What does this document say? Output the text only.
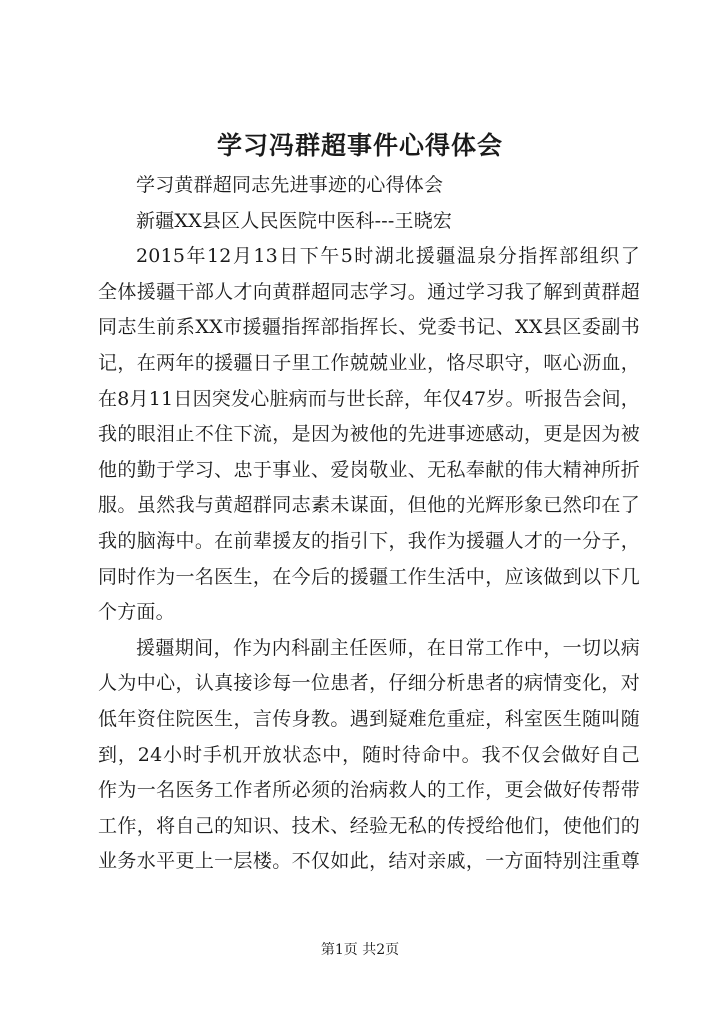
学习冯群超事件心得体会
学习黄群超同志先进事迹的心得体会
新疆XX县区人民医院中医科---王晓宏
2015年12月13日下午5时湖北援疆温泉分指挥部组织了
全体援疆干部人才向黄群超同志学习。通过学习我了解到黄群超
同志生前系XX市援疆指挥部指挥长、党委书记、XX县区委副书
记，在两年的援疆日子里工作兢兢业业，恪尽职守，呕心沥血，
在8月11日因突发心脏病而与世长辞，年仅47岁。听报告会间，
我的眼泪止不住下流，是因为被他的先进事迹感动，更是因为被
他的勤于学习、忠于事业、爱岗敬业、无私奉献的伟大精神所折
服。虽然我与黄超群同志素未谋面，但他的光辉形象已然印在了
我的脑海中。在前辈援友的指引下，我作为援疆人才的一分子，
同时作为一名医生，在今后的援疆工作生活中，应该做到以下几
个方面。
援疆期间，作为内科副主任医师，在日常工作中，一切以病
人为中心，认真接诊每一位患者，仔细分析患者的病情变化，对
低年资住院医生，言传身教。遇到疑难危重症，科室医生随叫随
到，24小时手机开放状态中，随时待命中。我不仅会做好自己
作为一名医务工作者所必须的治病救人的工作，更会做好传帮带
工作，将自己的知识、技术、经验无私的传授给他们，使他们的
业务水平更上一层楼。不仅如此，结对亲戚，一方面特别注重尊
第1页 共2页
